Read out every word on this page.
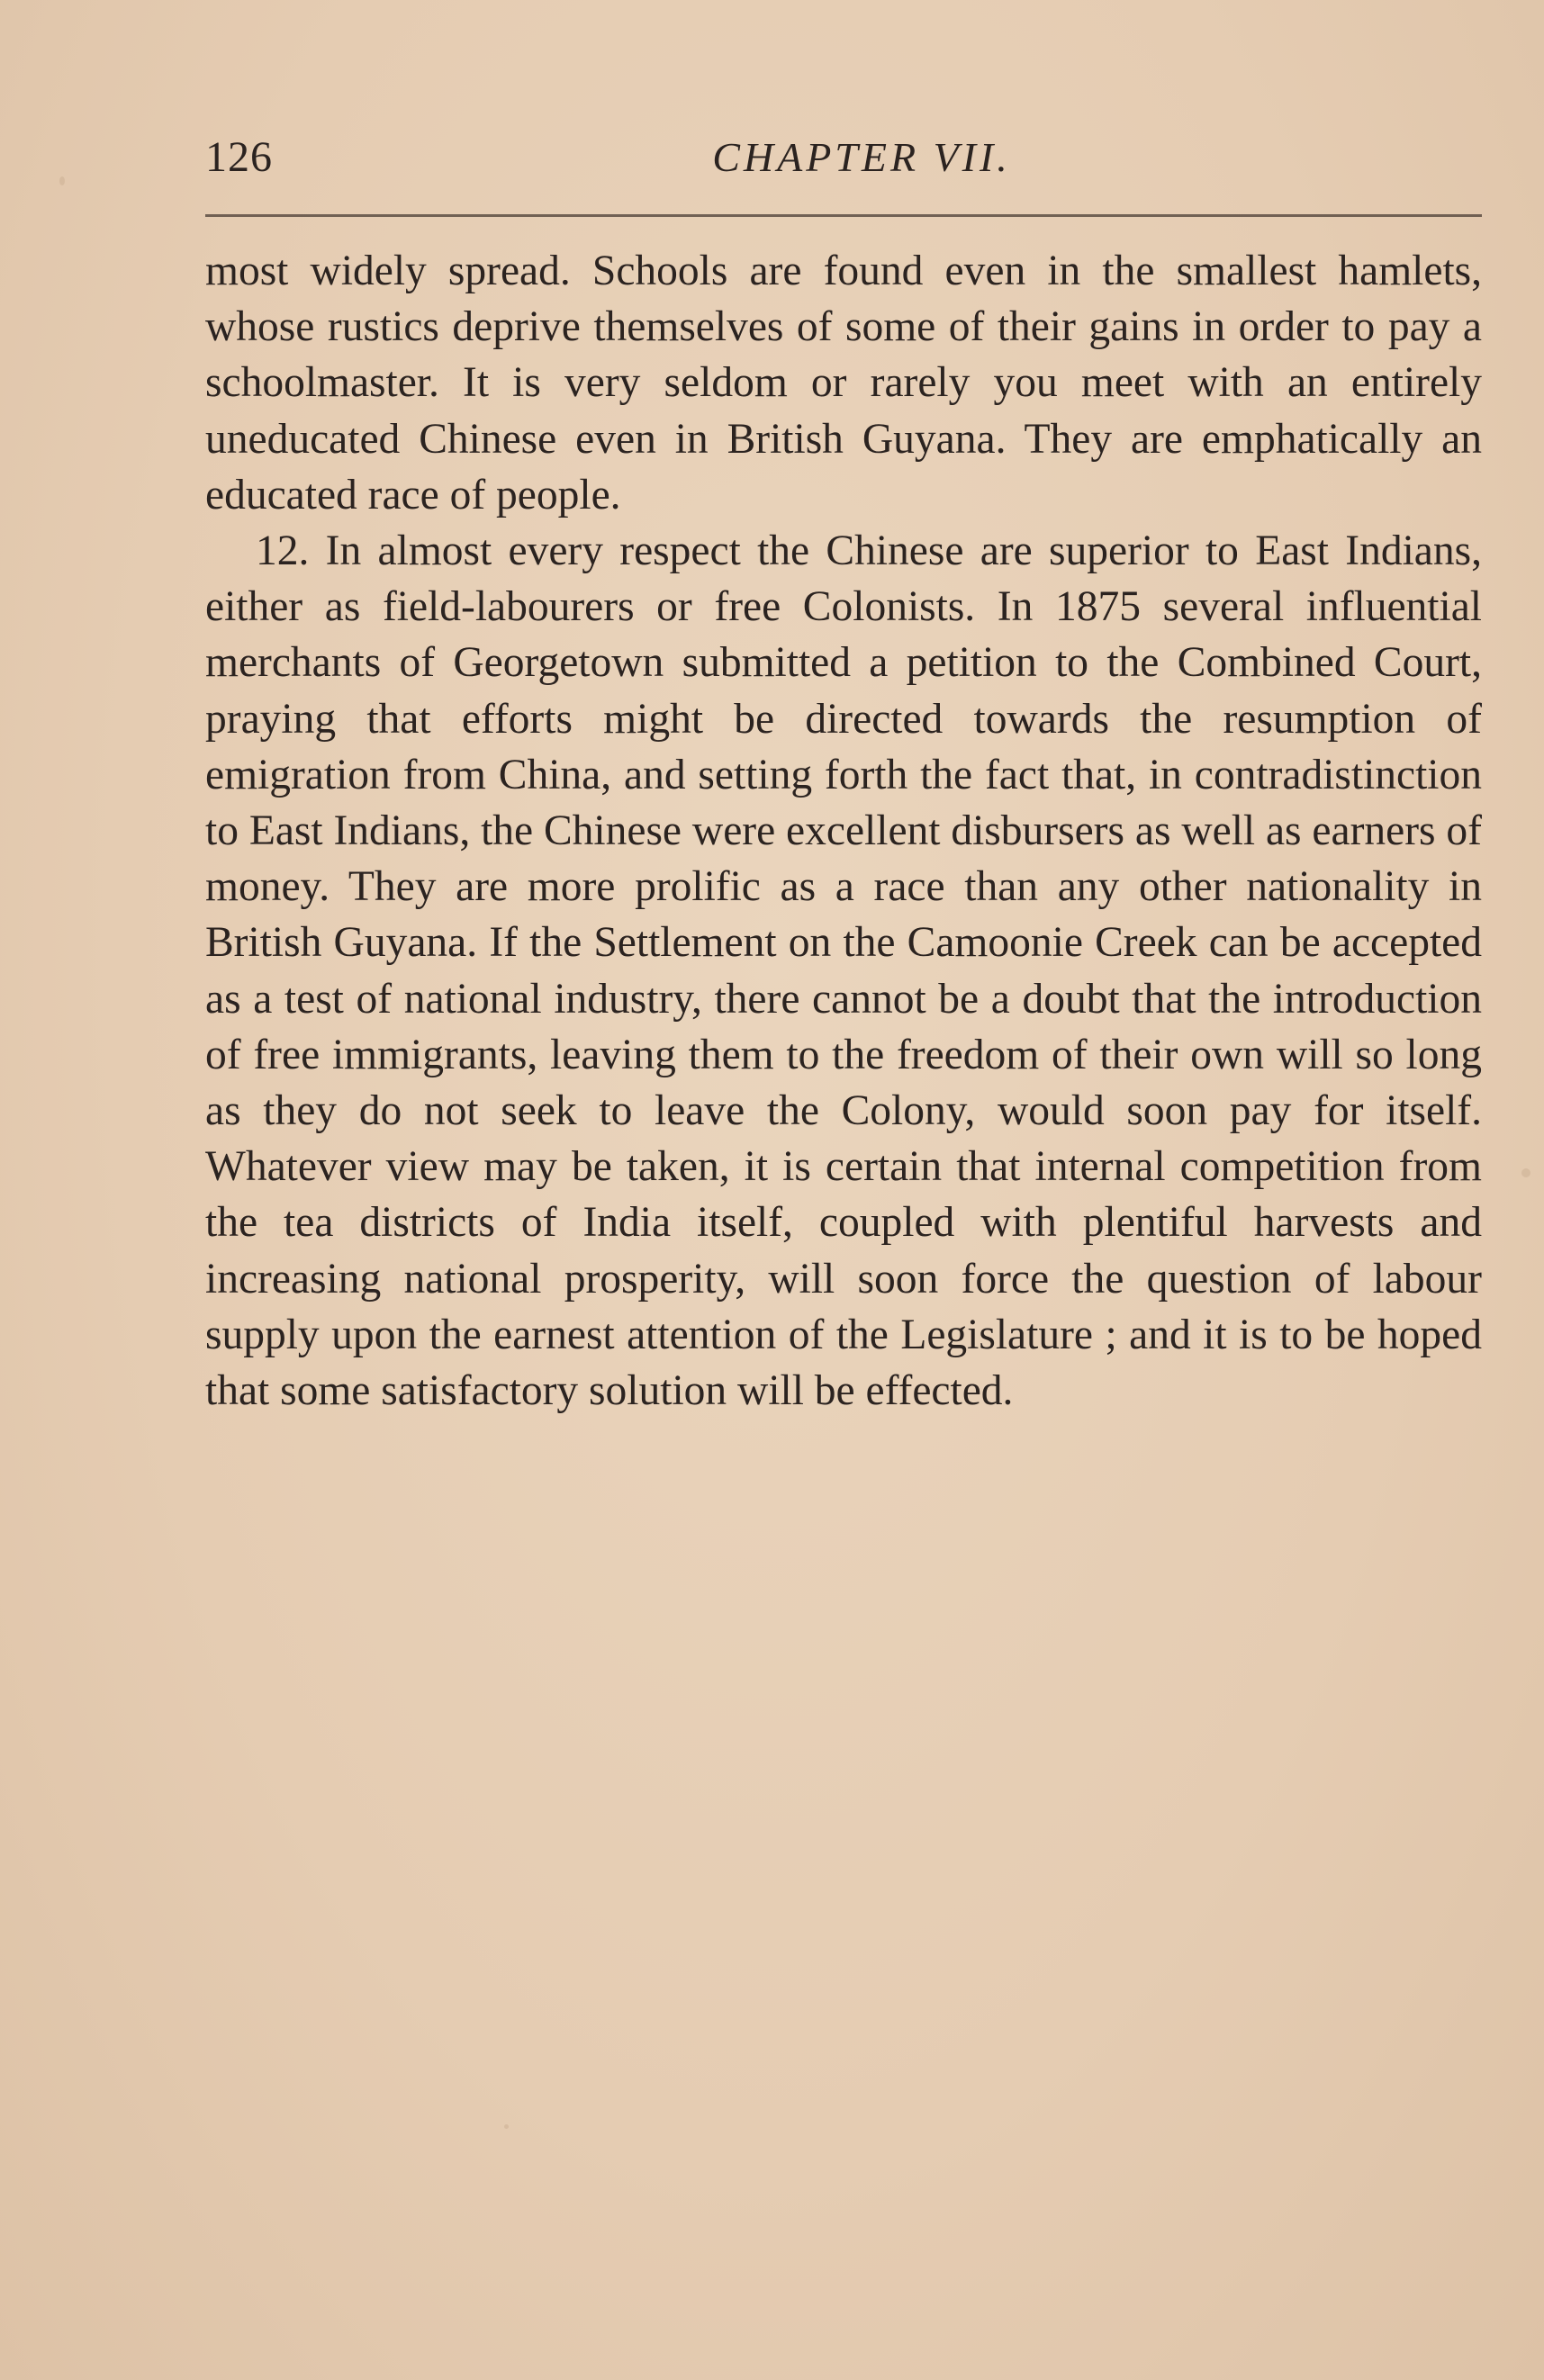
126	CHAPTER VII.

most widely spread. Schools are found even in the smallest hamlets, whose rustics deprive themselves of some of their gains in order to pay a schoolmaster. It is very seldom or rarely you meet with an entirely uneducated Chinese even in British Guyana. They are emphatically an educated race of people.

12. In almost every respect the Chinese are superior to East Indians, either as field-labourers or free Colonists. In 1875 several influential merchants of Georgetown submitted a petition to the Combined Court, praying that efforts might be directed towards the resumption of emigration from China, and setting forth the fact that, in contradistinction to East Indians, the Chinese were excellent disbursers as well as earners of money. They are more prolific as a race than any other nationality in British Guyana. If the Settlement on the Camoonie Creek can be accepted as a test of national industry, there cannot be a doubt that the introduction of free immigrants, leaving them to the freedom of their own will so long as they do not seek to leave the Colony, would soon pay for itself. Whatever view may be taken, it is certain that internal competition from the tea districts of India itself, coupled with plentiful harvests and increasing national prosperity, will soon force the question of labour supply upon the earnest attention of the Legislature ; and it is to be hoped that some satisfactory solution will be effected.
